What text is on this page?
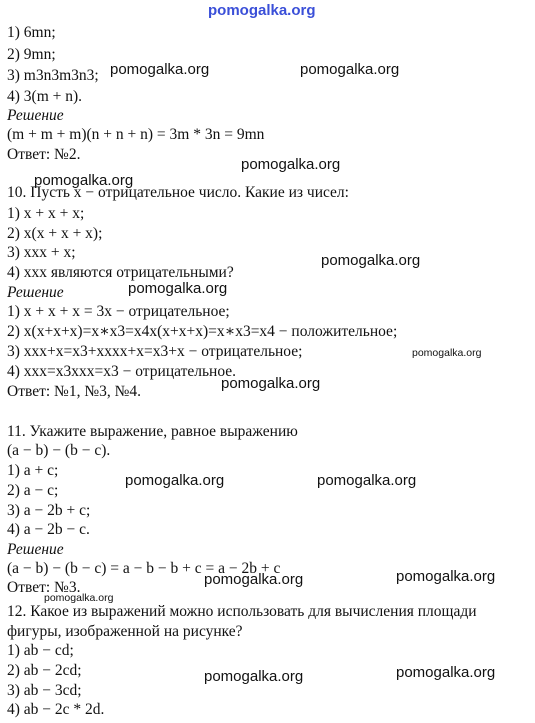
pomogalka.org

1) 6mn;

2) 9mn;

3) m3n3m3n3;

4) 3(m + n).

Решение

(m + m + m)(n + n + n) = 3m * 3n = 9mn

Ответ: №2.

10. Пусть x − отрицательное число. Какие из чисел:

1) x + x + x;

2) x(x + x + x);

3) xxx + x;

4) xxx являются отрицательными?

Решение

1) x + x + x = 3x − отрицательное;

2) x(x+x+x)=x∗x3=x4x(x+x+x)=x∗x3=x4 − положительное;

3) xxx+x=x3+xxxx+x=x3+x − отрицательное;

4) xxx=x3xxx=x3 − отрицательное.

Ответ: №1, №3, №4.

11. Укажите выражение, равное выражению

(a − b) − (b − c).

1) a + c;

2) a − c;

3) a − 2b + c;

4) a − 2b − c.

Решение

(a − b) − (b − c) = a − b − b + c = a − 2b + c

Ответ: №3.

12. Какое из выражений можно использовать для вычисления площади

фигуры, изображенной на рисунке?

1) ab − cd;

2) ab − 2cd;

3) ab − 3cd;

4) ab − 2c * 2d.

pomogalka.org	pomogalka.org
pomogalka.org
pomogalka.org
pomogalka.org
pomogalka.org
pomogalka.org
pomogalka.org
pomogalka.org	pomogalka.org
pomogalka.org	pomogalka.org
pomogalka.org
pomogalka.org	pomogalka.org
